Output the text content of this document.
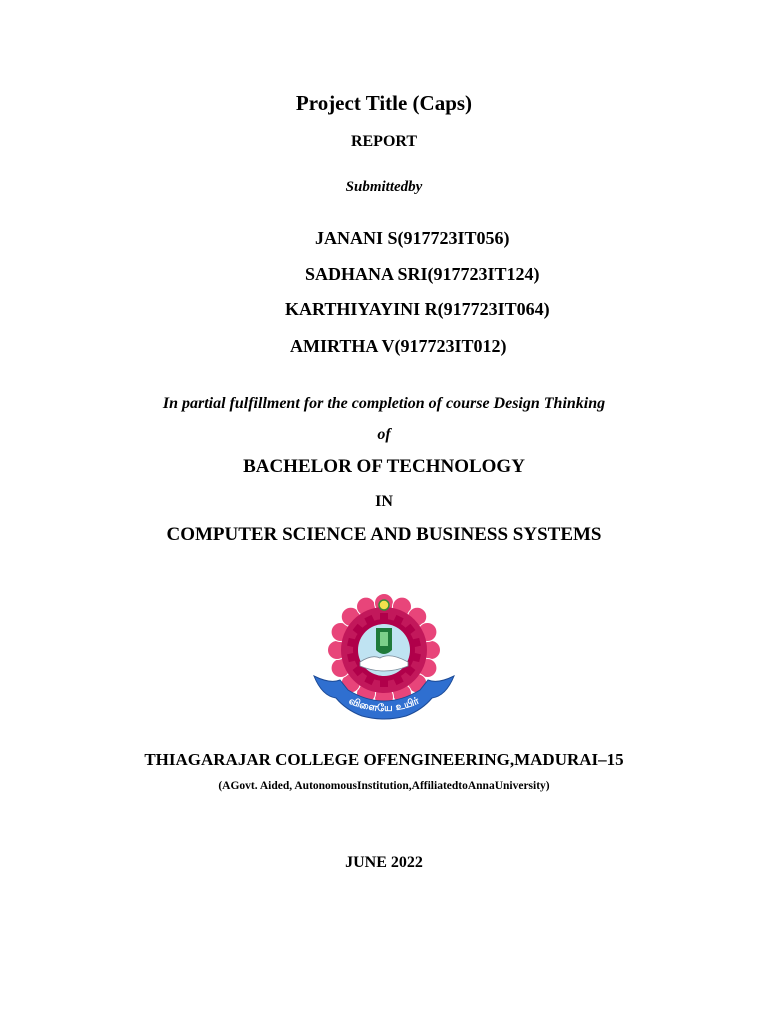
Project Title (Caps)
REPORT
Submittedby
JANANI S(917723IT056)
SADHANA SRI(917723IT124)
KARTHIYAYINI R(917723IT064)
AMIRTHA V(917723IT012)
In partial fulfillment for the completion of course Design Thinking
of
BACHELOR OF TECHNOLOGY
IN
COMPUTER SCIENCE AND BUSINESS SYSTEMS
விளையே உயிர்
THIAGARAJAR COLLEGE OFENGINEERING,MADURAI–15
(AGovt. Aided, AutonomousInstitution,AffiliatedtoAnnaUniversity)
JUNE 2022
